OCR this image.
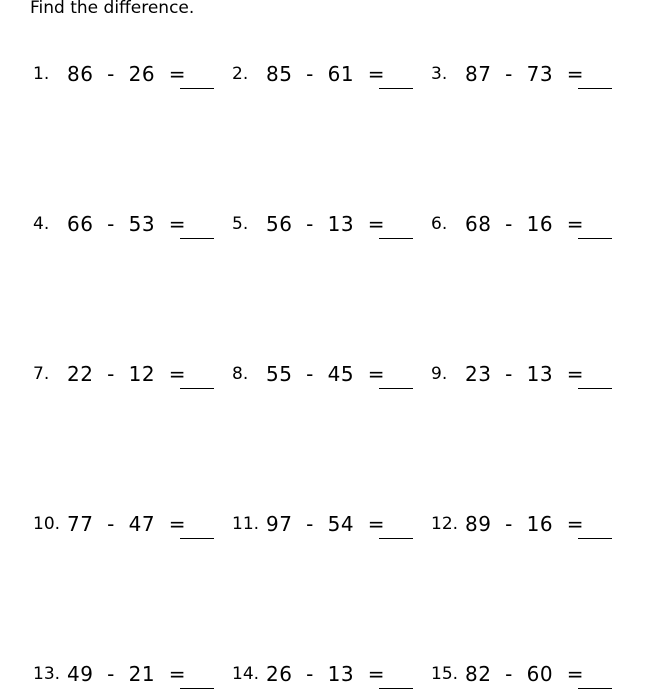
Find the difference.
1. 86  -  26  =	2. 85  -  61  =	3. 87  -  73  =
4. 66  -  53  =	5. 56  -  13  =	6. 68  -  16  =
7. 22  -  12  =	8. 55  -  45  =	9. 23  -  13  =
10. 77  -  47  =	11. 97  -  54  =	12. 89  -  16  =
13. 49  -  21  =	14. 26  -  13  =	15. 82  -  60  =
